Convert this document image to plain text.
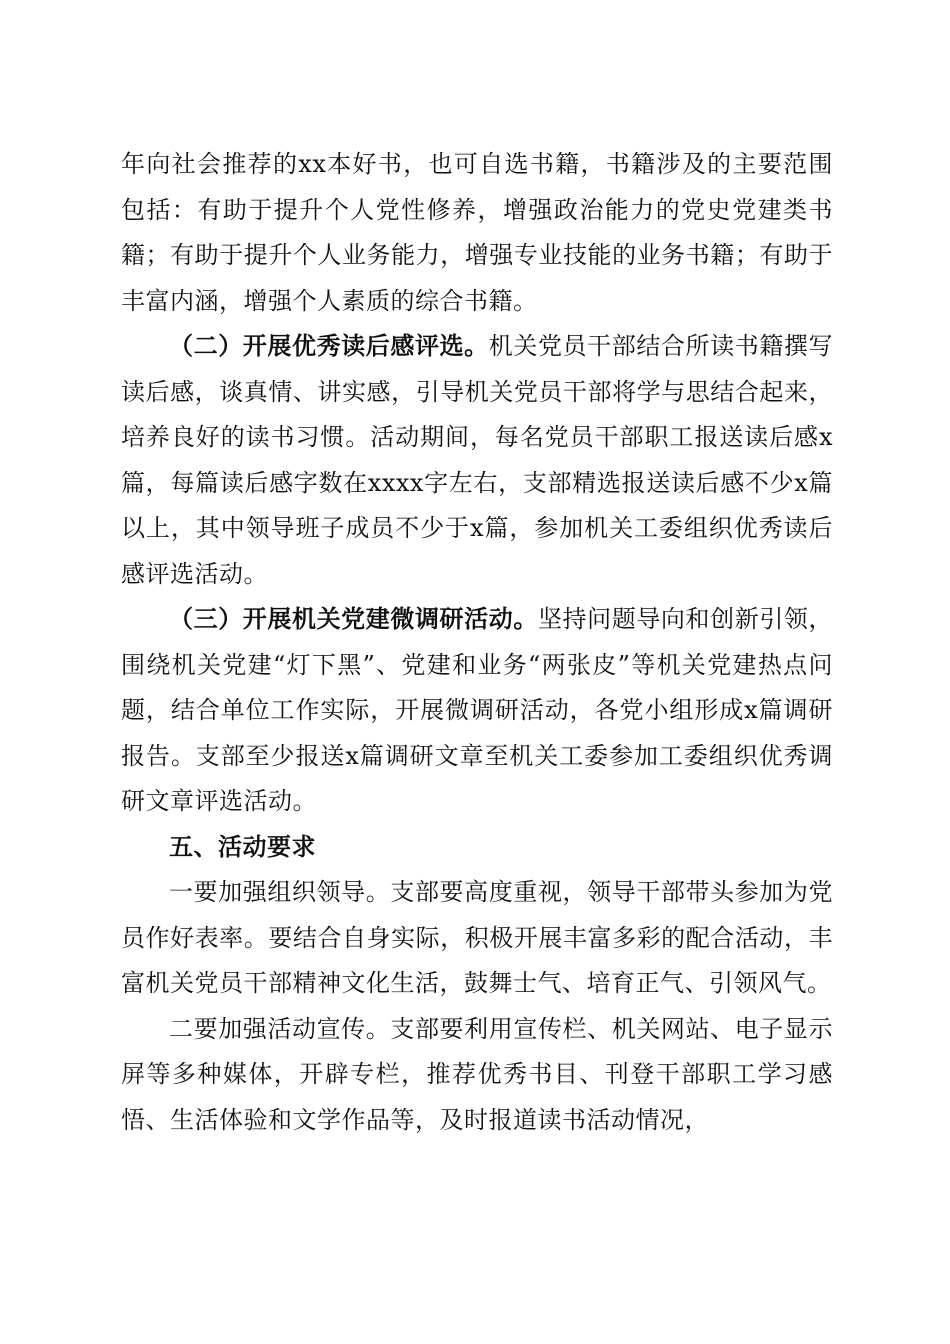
年向社会推荐的xx本好书，也可自选书籍，书籍涉及的主要范围包括：有助于提升个人党性修养，增强政治能力的党史党建类书籍；有助于提升个人业务能力，增强专业技能的业务书籍；有助于丰富内涵，增强个人素质的综合书籍。

（二）开展优秀读后感评选。机关党员干部结合所读书籍撰写读后感，谈真情、讲实感，引导机关党员干部将学与思结合起来，培养良好的读书习惯。活动期间，每名党员干部职工报送读后感x篇，每篇读后感字数在xxxx字左右，支部精选报送读后感不少x篇以上，其中领导班子成员不少于x篇，参加机关工委组织优秀读后感评选活动。

（三）开展机关党建微调研活动。坚持问题导向和创新引领，围绕机关党建“灯下黑”、党建和业务“两张皮”等机关党建热点问题，结合单位工作实际，开展微调研活动，各党小组形成x篇调研报告。支部至少报送x篇调研文章至机关工委参加工委组织优秀调研文章评选活动。

五、活动要求

一要加强组织领导。支部要高度重视，领导干部带头参加为党员作好表率。要结合自身实际，积极开展丰富多彩的配合活动，丰富机关党员干部精神文化生活，鼓舞士气、培育正气、引领风气。

二要加强活动宣传。支部要利用宣传栏、机关网站、电子显示屏等多种媒体，开辟专栏，推荐优秀书目、刊登干部职工学习感悟、生活体验和文学作品等，及时报道读书活动情况，
